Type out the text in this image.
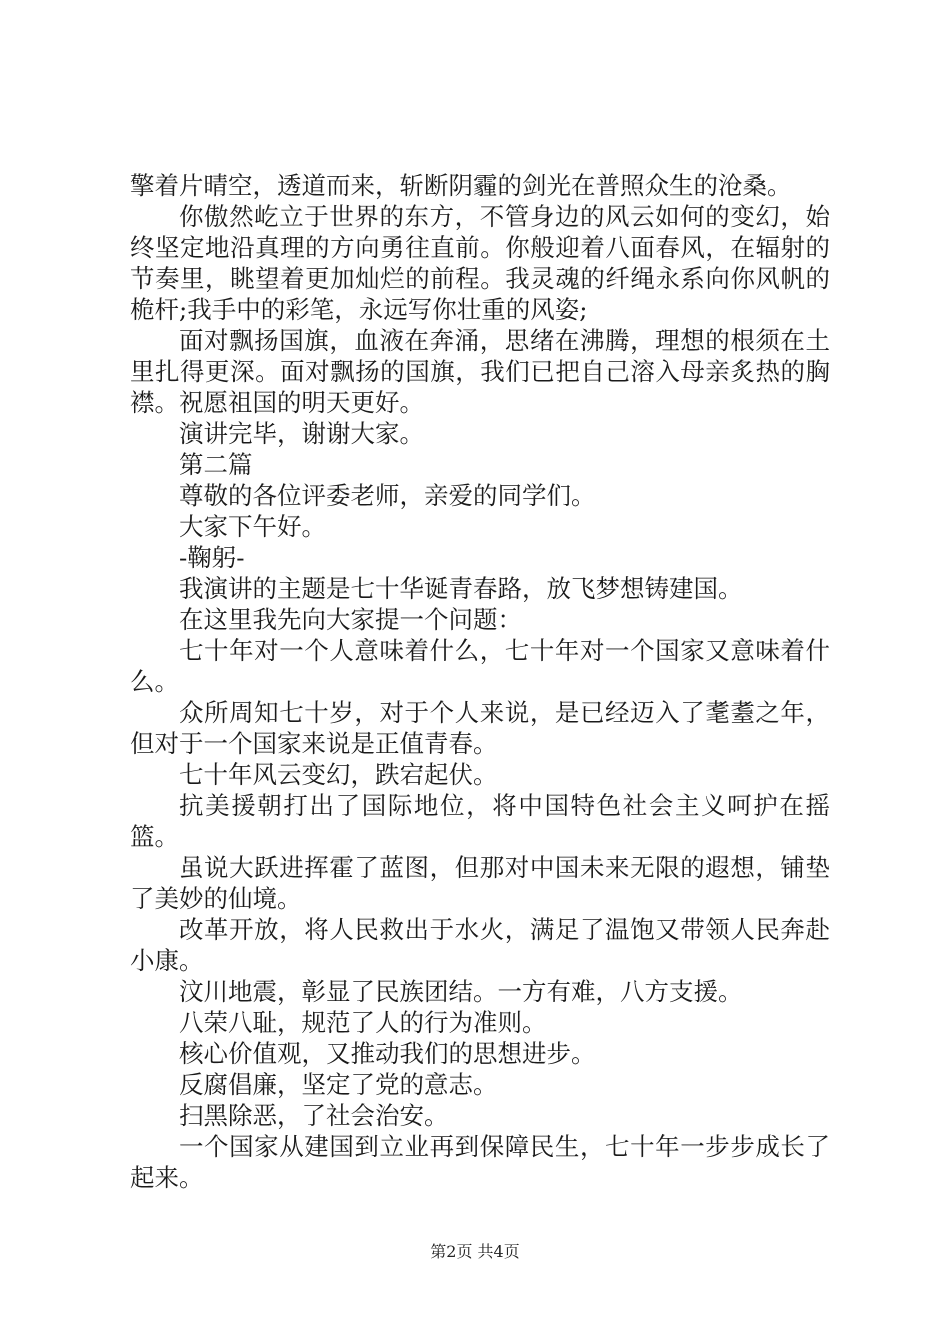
擎着片晴空，透道而来，斩断阴霾的剑光在普照众生的沧桑。

你傲然屹立于世界的东方，不管身边的风云如何的变幻，始终坚定地沿真理的方向勇往直前。你般迎着八面春风，在辐射的节奏里，眺望着更加灿烂的前程。我灵魂的纤绳永系向你风帆的桅杆;我手中的彩笔，永远写你壮重的风姿;

面对飘扬国旗，血液在奔涌，思绪在沸腾，理想的根须在土里扎得更深。面对飘扬的国旗，我们已把自己溶入母亲炙热的胸襟。祝愿祖国的明天更好。

演讲完毕，谢谢大家。

第二篇

尊敬的各位评委老师，亲爱的同学们。

大家下午好。

-鞠躬-

我演讲的主题是七十华诞青春路，放飞梦想铸建国。

在这里我先向大家提一个问题：

七十年对一个人意味着什么，七十年对一个国家又意味着什么。

众所周知七十岁，对于个人来说，是已经迈入了耄耋之年，但对于一个国家来说是正值青春。

七十年风云变幻，跌宕起伏。

抗美援朝打出了国际地位，将中国特色社会主义呵护在摇篮。

虽说大跃进挥霍了蓝图，但那对中国未来无限的遐想，铺垫了美妙的仙境。

改革开放，将人民救出于水火，满足了温饱又带领人民奔赴小康。

汶川地震，彰显了民族团结。一方有难，八方支援。

八荣八耻，规范了人的行为准则。

核心价值观，又推动我们的思想进步。

反腐倡廉，坚定了党的意志。

扫黑除恶，了社会治安。

一个国家从建国到立业再到保障民生，七十年一步步成长了起来。

第2页 共4页
